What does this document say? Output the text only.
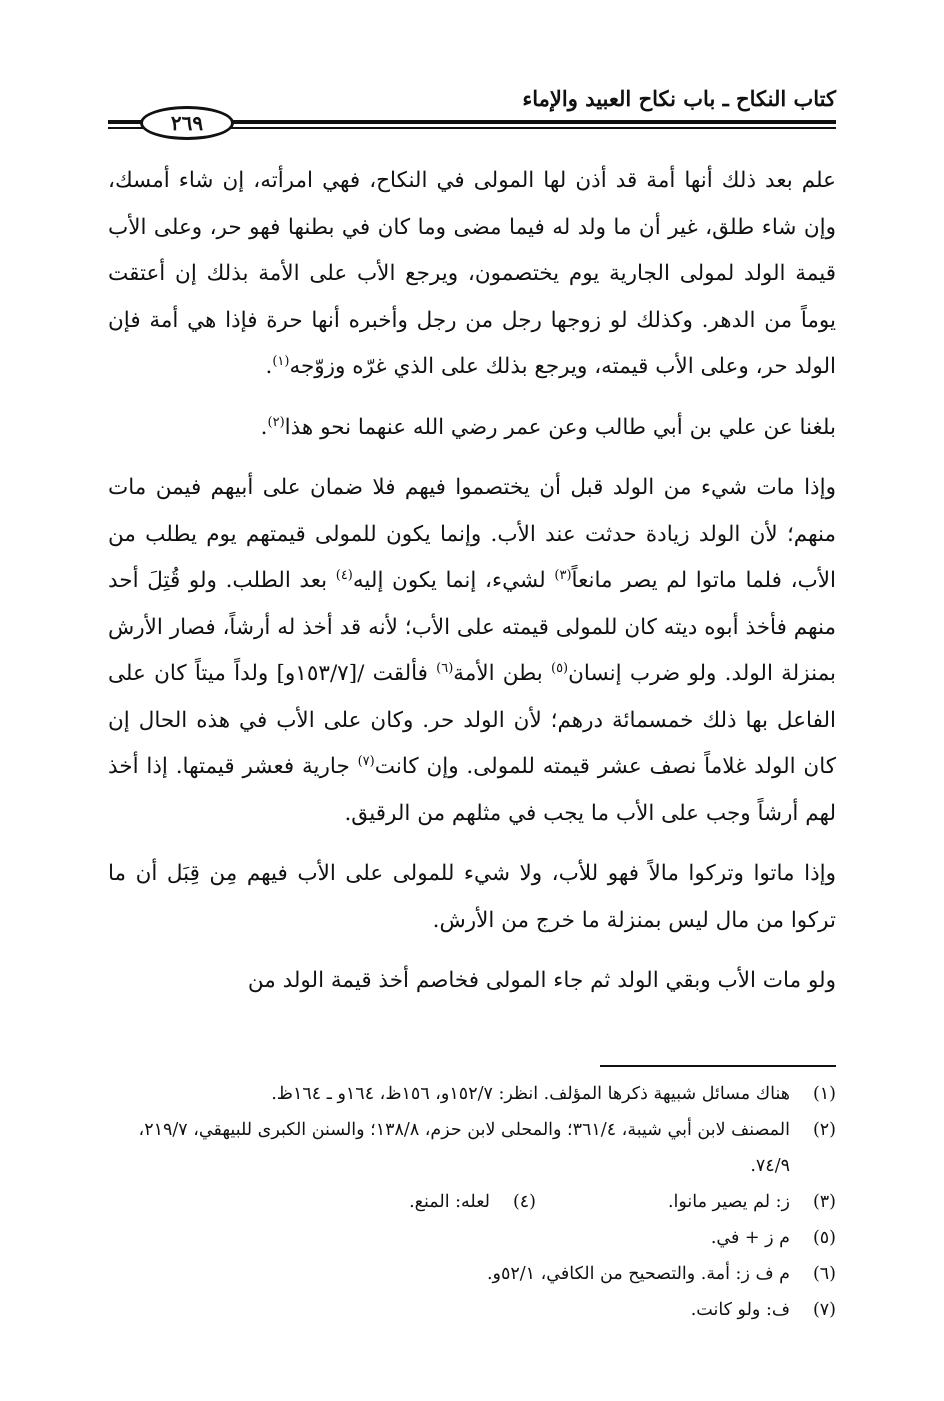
كتاب النكاح ـ باب نكاح العبيد والإماء
٢٦٩

علم بعد ذلك أنها أمة قد أذن لها المولى في النكاح، فهي امرأته، إن شاء أمسك، وإن شاء طلق، غير أن ما ولد له فيما مضى وما كان في بطنها فهو حر، وعلى الأب قيمة الولد لمولى الجارية يوم يختصمون، ويرجع الأب على الأمة بذلك إن أعتقت يوماً من الدهر. وكذلك لو زوجها رجل من رجل وأخبره أنها حرة فإذا هي أمة فإن الولد حر، وعلى الأب قيمته، ويرجع بذلك على الذي غرّه وزوّجه$^{(١)}$.

بلغنا عن علي بن أبي طالب وعن عمر رضي الله عنهما نحو هذا$^{(٢)}$.

وإذا مات شيء من الولد قبل أن يختصموا فيهم فلا ضمان على أبيهم فيمن مات منهم؛ لأن الولد زيادة حدثت عند الأب. وإنما يكون للمولى قيمتهم يوم يطلب من الأب، فلما ماتوا لم يصر مانعاً$^{(٣)}$ لشيء، إنما يكون إليه$^{(٤)}$ بعد الطلب. ولو قُتِلَ أحد منهم فأخذ أبوه ديته كان للمولى قيمته على الأب؛ لأنه قد أخذ له أرشاً، فصار الأرش بمنزلة الولد. ولو ضرب إنسان$^{(٥)}$ بطن الأمة$^{(٦)}$ فألقت /[١٥٣/٧و] ولداً ميتاً كان على الفاعل بها ذلك خمسمائة درهم؛ لأن الولد حر. وكان على الأب في هذه الحال إن كان الولد غلاماً نصف عشر قيمته للمولى. وإن كانت$^{(٧)}$ جارية فعشر قيمتها. إذا أخذ لهم أرشاً وجب على الأب ما يجب في مثلهم من الرقيق.

وإذا ماتوا وتركوا مالاً فهو للأب، ولا شيء للمولى على الأب فيهم مِن قِبَل أن ما تركوا من مال ليس بمنزلة ما خرج من الأرش.

ولو مات الأب وبقي الولد ثم جاء المولى فخاصم أخذ قيمة الولد من

(١)
هناك مسائل شبيهة ذكرها المؤلف. انظر: ١٥٢/٧و، ١٥٦ظ، ١٦٤و ـ ١٦٤ظ.
(٢)
المصنف لابن أبي شيبة، ٣٦١/٤؛ والمحلى لابن حزم، ١٣٨/٨؛ والسنن الكبرى للبيهقي، ٢١٩/٧، ٧٤/٩.
(٣)
ز: لم يصير مانوا.
(٤)
لعله: المنع.
(٥)
م ز + في.
(٦)
م ف ز: أمة. والتصحيح من الكافي، ٥٢/١و.
(٧)
ف: ولو كانت.
